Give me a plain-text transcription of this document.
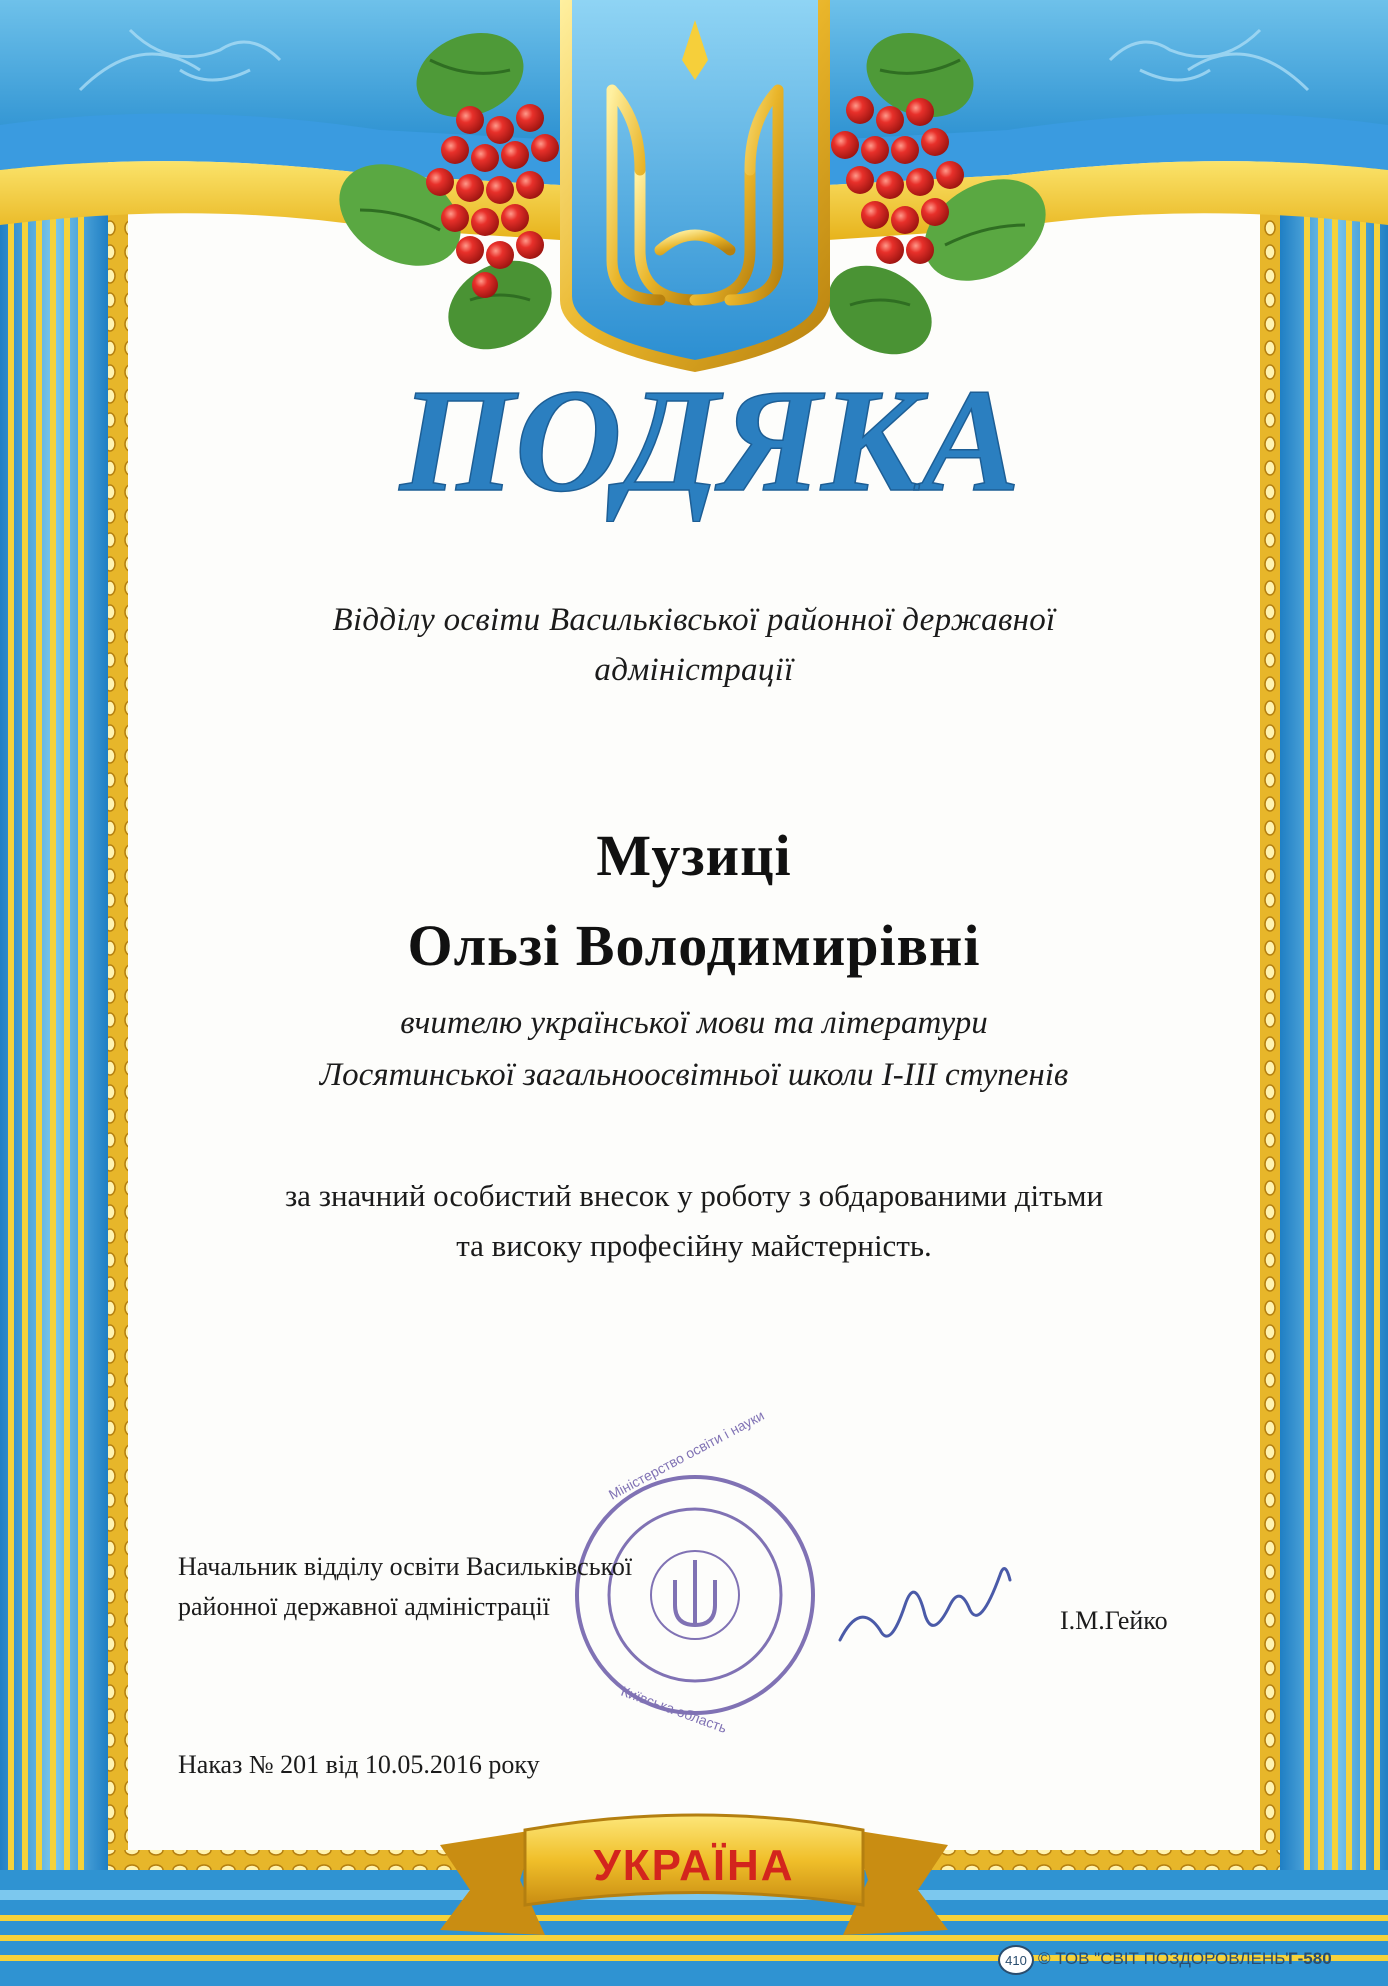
Міністерство освіти і науки
Київська область
ПОДЯКА
Відділу освіти Васильківської районної державної
адміністрації
Музиці
Ользі Володимирівні
вчителю української мови та літератури
Лосятинської загальноосвітньої школи І-ІІІ ступенів
за значний особистий внесок у роботу з обдарованими дітьми
та високу професійну майстерність.
Начальник відділу освіти Васильківської
районної державної адміністрації	І.М.Гейко
Наказ № 201 від 10.05.2016 року
УКРАЇНА
410 © ТОВ "СВІТ ПОЗДОРОВЛЕНЬ"
Г-580
